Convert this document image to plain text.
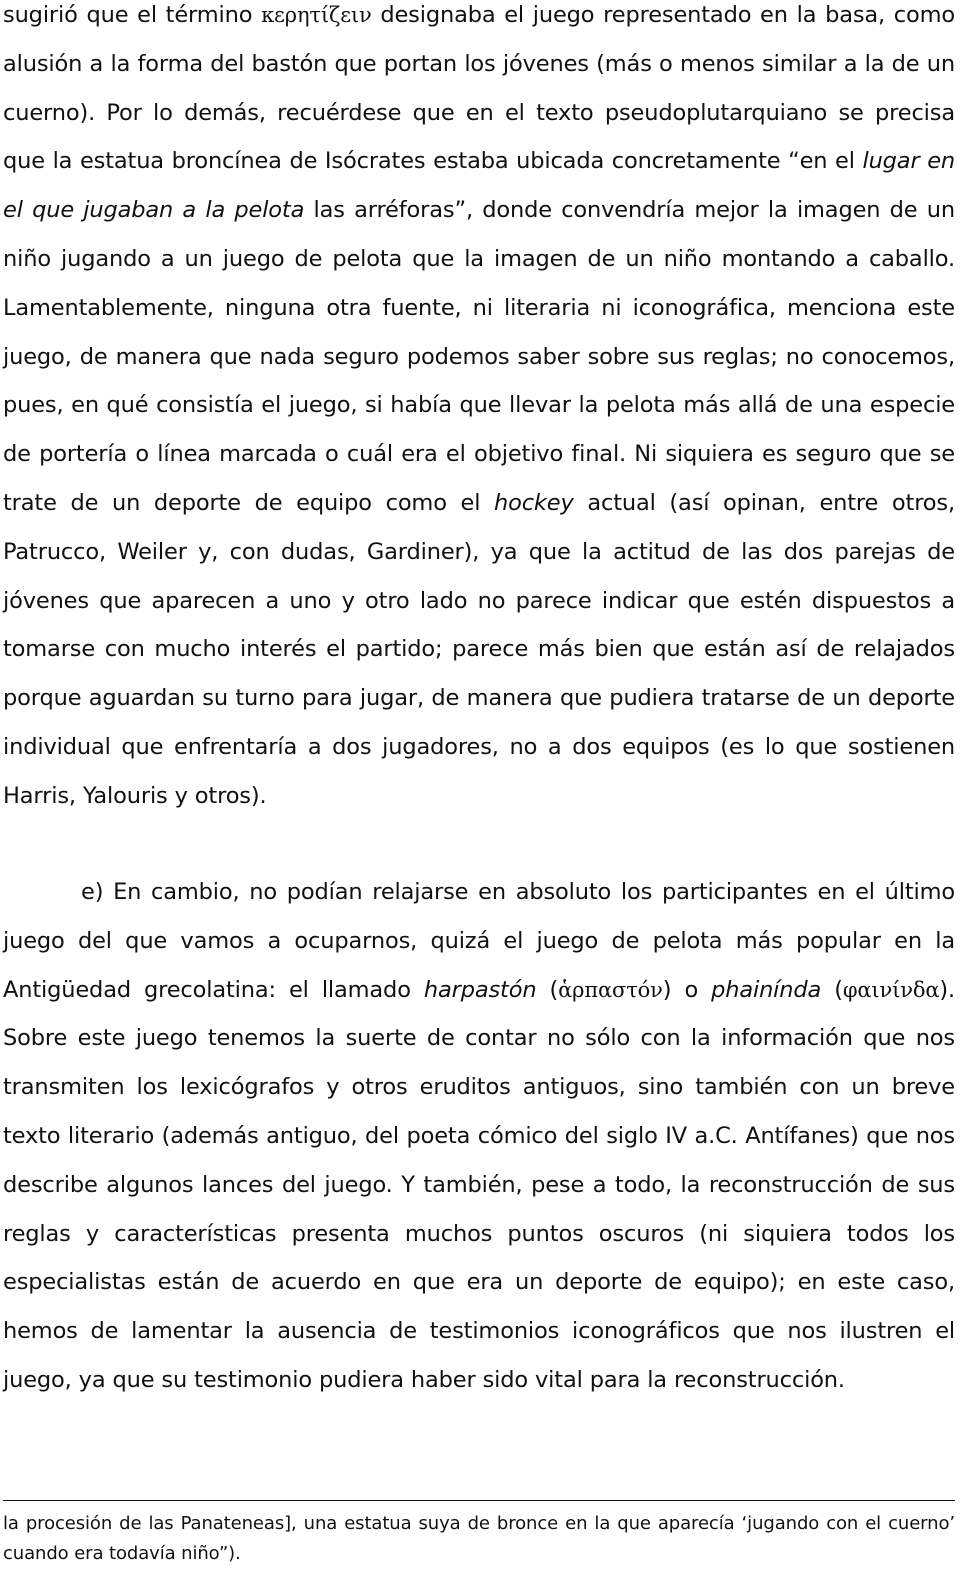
sugirió que el término κερητίζειν designaba el juego representado en la basa, como alusión a la forma del bastón que portan los jóvenes (más o menos similar a la de un cuerno). Por lo demás, recuérdese que en el texto pseudoplutarquiano se precisa que la estatua broncínea de Isócrates estaba ubicada concretamente “en el lugar en el que jugaban a la pelota las arréforas”, donde convendría mejor la imagen de un niño jugando a un juego de pelota que la imagen de un niño montando a caballo. Lamentablemente, ninguna otra fuente, ni literaria ni iconográfica, menciona este juego, de manera que nada seguro podemos saber sobre sus reglas; no conocemos, pues, en qué consistía el juego, si había que llevar la pelota más allá de una especie de portería o línea marcada o cuál era el objetivo final. Ni siquiera es seguro que se trate de un deporte de equipo como el hockey actual (así opinan, entre otros, Patrucco, Weiler y, con dudas, Gardiner), ya que la actitud de las dos parejas de jóvenes que aparecen a uno y otro lado no parece indicar que estén dispuestos a tomarse con mucho interés el partido; parece más bien que están así de relajados porque aguardan su turno para jugar, de manera que pudiera tratarse de un deporte individual que enfrentaría a dos jugadores, no a dos equipos (es lo que sostienen Harris, Yalouris y otros).

e) En cambio, no podían relajarse en absoluto los participantes en el último juego del que vamos a ocuparnos, quizá el juego de pelota más popular en la Antigüedad grecolatina: el llamado harpastón (ἁρπαστόν) o phainínda (φαινίνδα). Sobre este juego tenemos la suerte de contar no sólo con la información que nos transmiten los lexicógrafos y otros eruditos antiguos, sino también con un breve texto literario (además antiguo, del poeta cómico del siglo IV a.C. Antífanes) que nos describe algunos lances del juego. Y también, pese a todo, la reconstrucción de sus reglas y características presenta muchos puntos oscuros (ni siquiera todos los especialistas están de acuerdo en que era un deporte de equipo); en este caso, hemos de lamentar la ausencia de testimonios iconográficos que nos ilustren el juego, ya que su testimonio pudiera haber sido vital para la reconstrucción.

la procesión de las Panateneas], una estatua suya de bronce en la que aparecía ‘jugando con el cuerno’ cuando era todavía niño”).
